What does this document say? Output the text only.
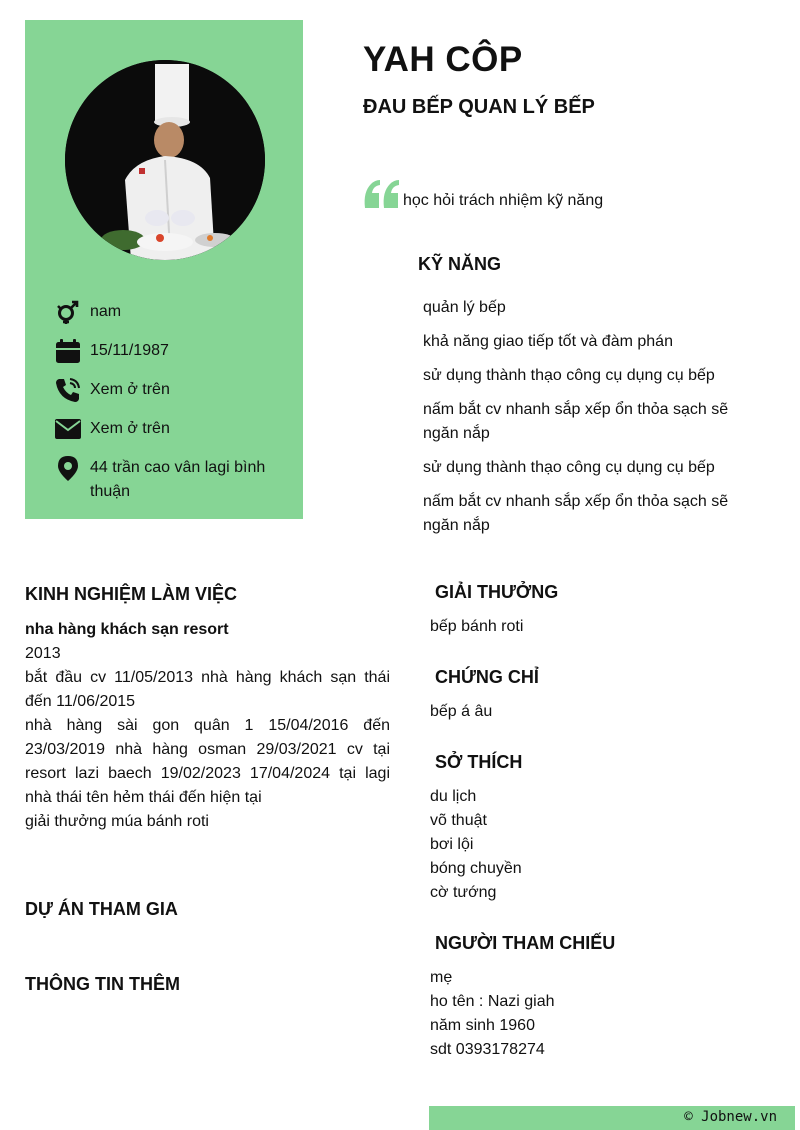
nam
15/11/1987
Xem ở trên
Xem ở trên
44 trần cao vân lagi bình thuận
YAH CÔP
ĐAU BẾP QUAN LÝ BẾP
học hỏi trách nhiệm kỹ năng
KỸ NĂNG
quản lý bếp
khả năng giao tiếp tốt và đàm phán
sử dụng thành thạo công cụ dụng cụ bếp
nấm bắt cv nhanh sắp xếp ổn thỏa sạch sẽ ngăn nắp
sử dụng thành thạo công cụ dụng cụ bếp
nấm bắt cv nhanh sắp xếp ổn thỏa sạch sẽ ngăn nắp
KINH NGHIỆM LÀM VIỆC
nha hàng khách sạn resort
2013
bắt đầu cv 11/05/2013 nhà hàng khách sạn thái đến 11/06/2015
nhà hàng sài gon quân 1 15/04/2016 đến 23/03/2019 nhà hàng osman 29/03/2021 cv tại resort lazi baech 19/02/2023 17/04/2024 tại lagi nhà thái tên hẻm thái đến hiện tại
giải thưởng múa bánh roti
DỰ ÁN THAM GIA
THÔNG TIN THÊM
GIẢI THƯỞNG
bếp bánh roti
CHỨNG CHỈ
bếp á âu
SỞ THÍCH
du lịch
võ thuật
bơi lội
bóng chuyền
cờ tướng
NGƯỜI THAM CHIẾU
mẹ
ho tên : Nazi giah
năm sinh 1960
sdt 0393178274
© Jobnew.vn
